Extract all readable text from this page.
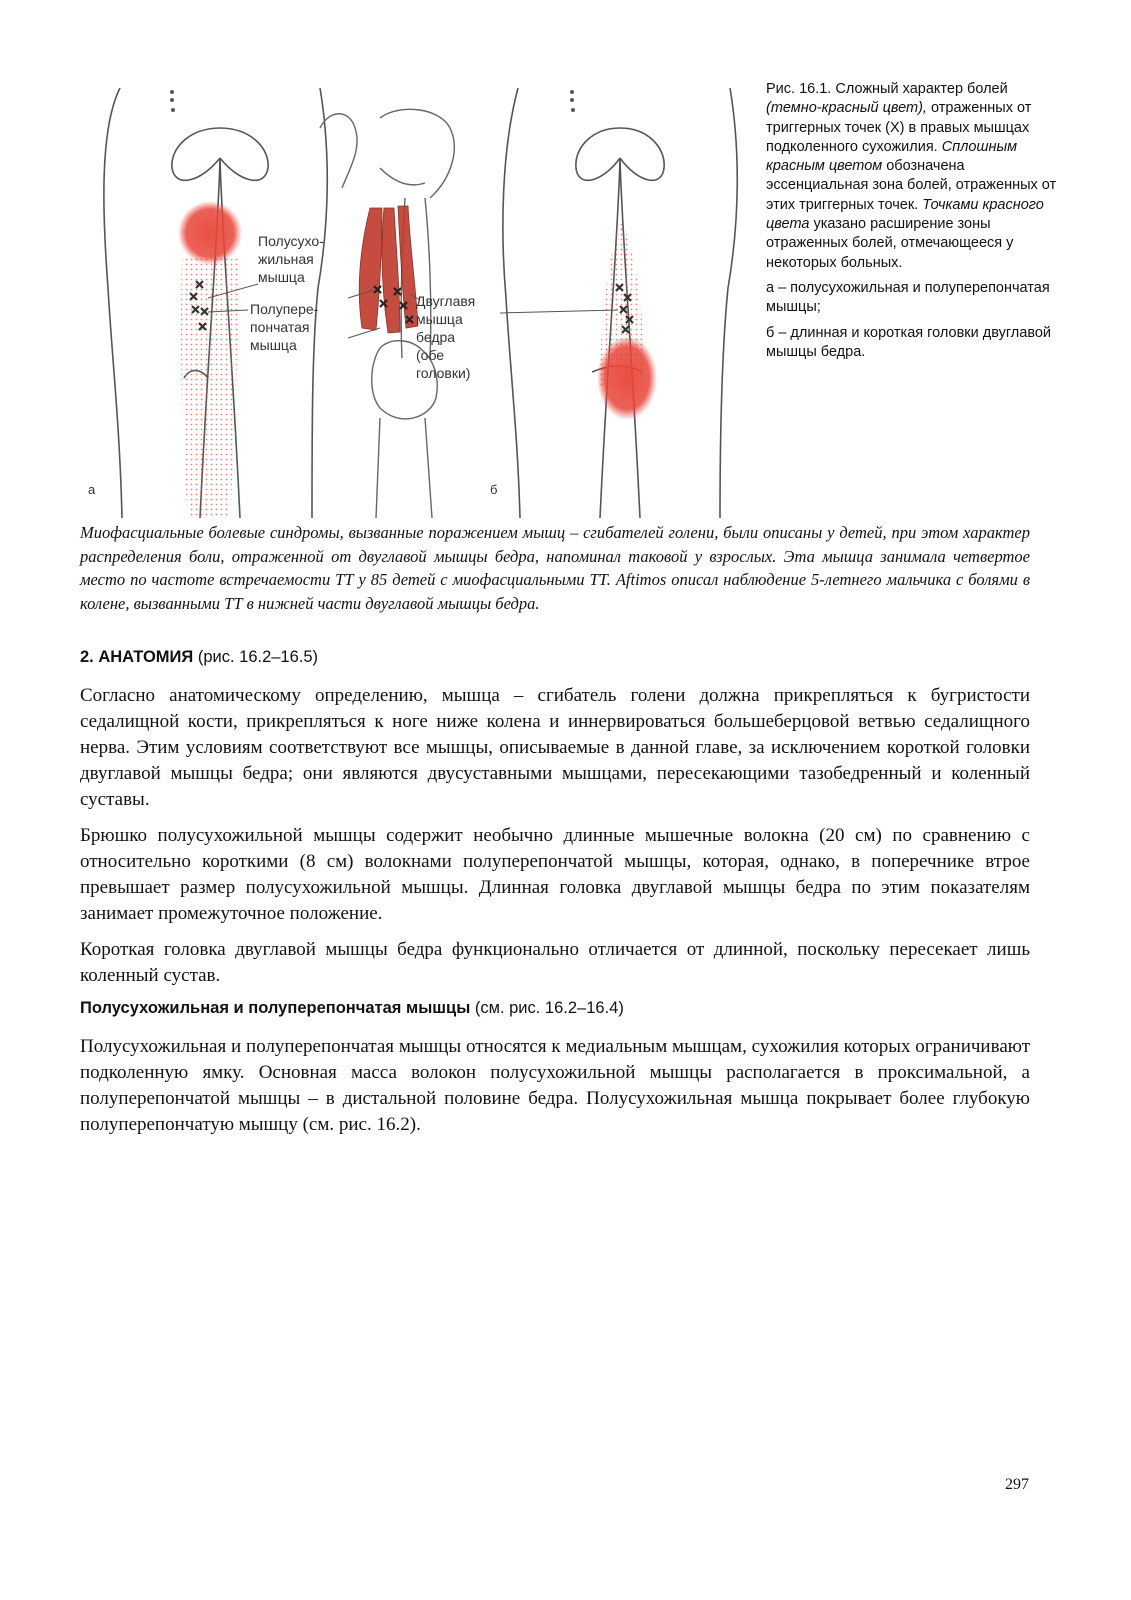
а
Полусухо- жильная мышца
Полупере- пончатая мышца
Двуглавя мышца бедра (обе головки)
б

Рис. 16.1. Сложный характер болей (темно-красный цвет), отраженных от триггерных точек (Х) в правых мышцах подколенного сухожилия. Сплошным красным цветом обозначена эссенциальная зона болей, отраженных от этих триггерных точек. Точками красного цвета указано расширение зоны отраженных болей, отмечающееся у некоторых больных.

а – полусухожильная и полуперепончатая мышцы;

б – длинная и короткая головки двуглавой мышцы бедра.

Миофасциальные болевые синдромы, вызванные поражением мышц – сгибателей голени, были описаны у детей, при этом характер распределения боли, отраженной от двуглавой мышцы бедра, напоминал таковой у взрослых. Эта мышца занимала четвертое место по частоте встречаемости ТТ у 85 детей с миофасциальными ТТ. Aftimos описал наблюдение 5-летнего мальчика с болями в колене, вызванными ТТ в нижней части двуглавой мышцы бедра.

2. АНАТОМИЯ (рис. 16.2–16.5)

Согласно анатомическому определению, мышца – сгибатель голени должна прикрепляться к бугристости седалищной кости, прикрепляться к ноге ниже колена и иннервироваться большеберцовой ветвью седалищного нерва. Этим условиям соответствуют все мышцы, описываемые в данной главе, за исключением короткой головки двуглавой мышцы бедра; они являются двусуставными мышцами, пересекающими тазобедренный и коленный суставы.

Брюшко полусухожильной мышцы содержит необычно длинные мышечные волокна (20 см) по сравнению с относительно короткими (8 см) волокнами полуперепончатой мышцы, которая, однако, в поперечнике втрое превышает размер полусухожильной мышцы. Длинная головка двуглавой мышцы бедра по этим показателям занимает промежуточное положение.

Короткая головка двуглавой мышцы бедра функционально отличается от длинной, поскольку пересекает лишь коленный сустав.

Полусухожильная и полуперепончатая мышцы (см. рис. 16.2–16.4)

Полусухожильная и полуперепончатая мышцы относятся к медиальным мышцам, сухожилия которых ограничивают подколенную ямку. Основная масса волокон полусухожильной мышцы располагается в проксимальной, а полуперепончатой мышцы – в дистальной половине бедра. Полусухожильная мышца покрывает более глубокую полуперепончатую мышцу (см. рис. 16.2).

297
